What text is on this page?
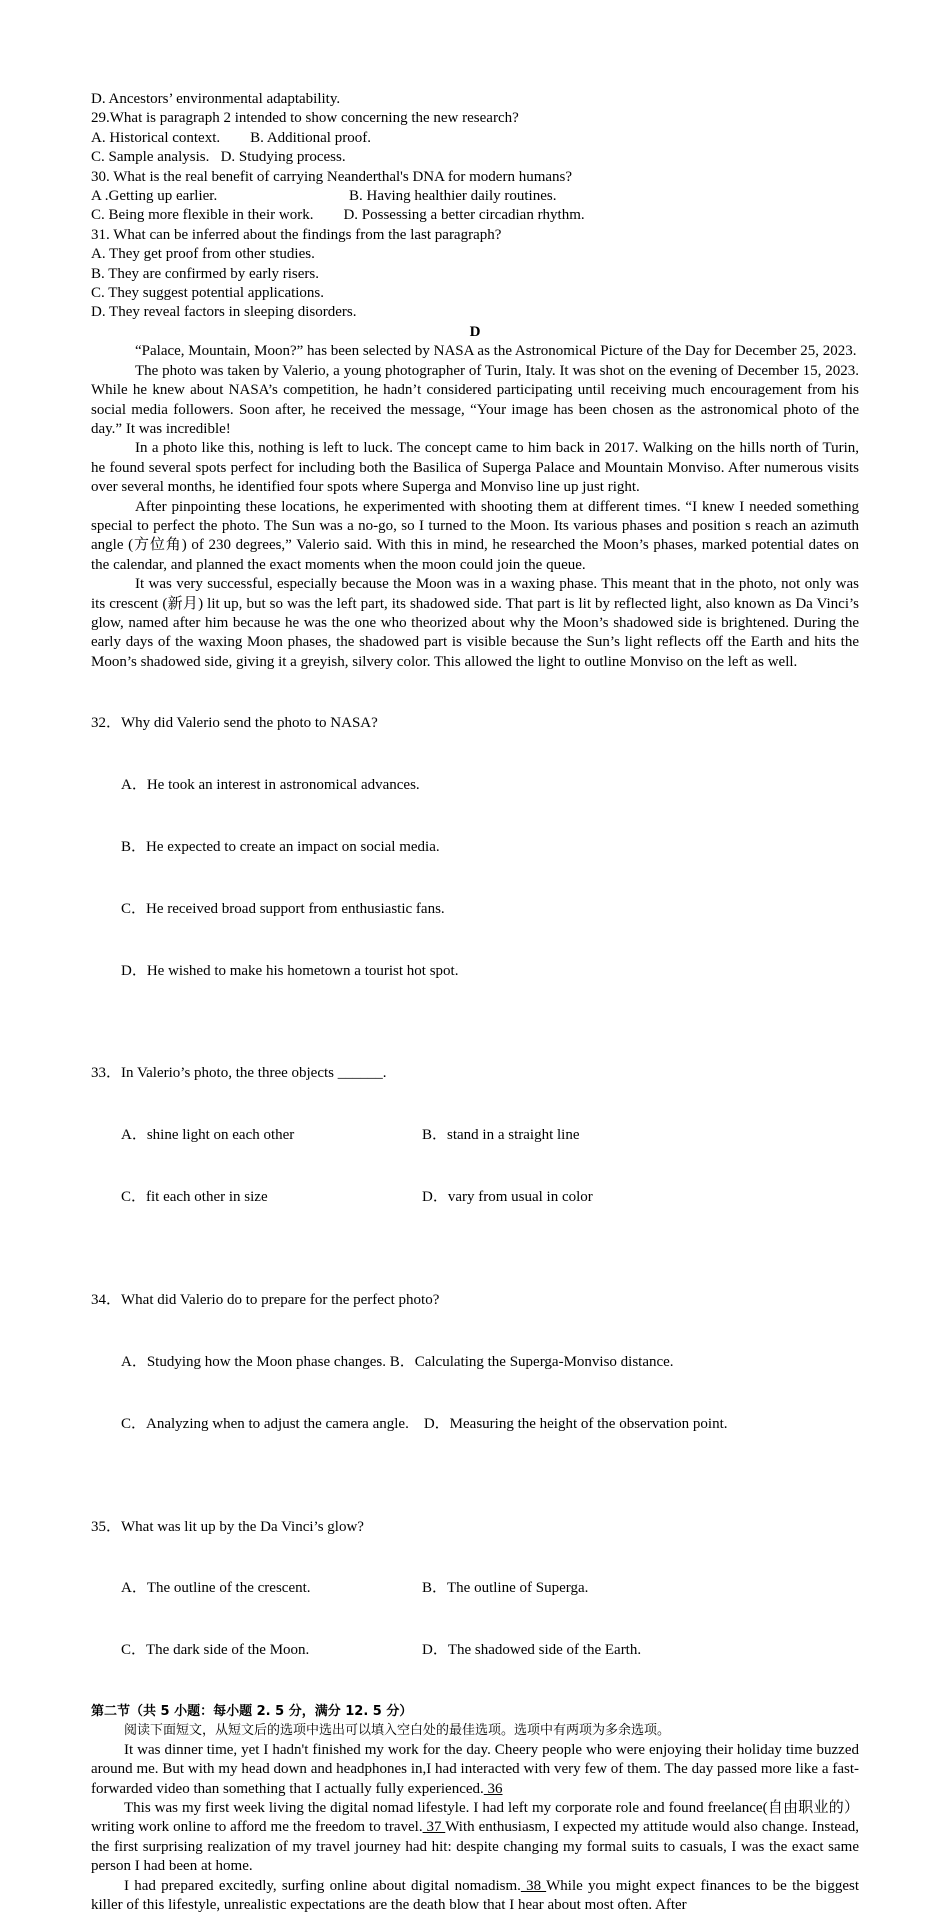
D. Ancestors’ environmental adaptability.
29.What is paragraph 2 intended to show concerning the new research?
A. Historical context. B. Additional proof.
C. Sample analysis. D. Studying process.
30. What is the real benefit of carrying Neanderthal's DNA for modern humans?
A .Getting up earlier.	B. Having healthier daily routines.
C. Being more flexible in their work. D. Possessing a better circadian rhythm.
31. What can be inferred about the findings from the last paragraph?
A. They get proof from other studies.
B. They are confirmed by early risers.
C. They suggest potential applications.
D. They reveal factors in sleeping disorders.
D

“Palace, Mountain, Moon?” has been selected by NASA as the Astronomical Picture of the Day for December 25, 2023.

The photo was taken by Valerio, a young photographer of Turin, Italy. It was shot on the evening of December 15, 2023. While he knew about NASA’s competition, he hadn’t considered participating until receiving much encouragement from his social media followers. Soon after, he received the message, “Your image has been chosen as the astronomical photo of the day.” It was incredible!

In a photo like this, nothing is left to luck. The concept came to him back in 2017. Walking on the hills north of Turin, he found several spots perfect for including both the Basilica of Superga Palace and Mountain Monviso. After numerous visits over several months, he identified four spots where Superga and Monviso line up just right.

After pinpointing these locations, he experimented with shooting them at different times. “I knew I needed something special to perfect the photo. The Sun was a no-go, so I turned to the Moon. Its various phases and position s reach an azimuth angle (方位角) of 230 degrees,” Valerio said. With this in mind, he researched the Moon’s phases, marked potential dates on the calendar, and planned the exact moments when the moon could join the queue.

It was very successful, especially because the Moon was in a waxing phase. This meant that in the photo, not only was its crescent (新月) lit up, but so was the left part, its shadowed side. That part is lit by reflected light, also known as Da Vinci’s glow, named after him because he was the one who theorized about why the Moon’s shadowed side is brightened. During the early days of the waxing Moon phases, the shadowed part is visible because the Sun’s light reflects off the Earth and hits the Moon’s shadowed side, giving it a greyish, silvery color. This allowed the light to outline Monviso on the left as well.

32．Why did Valerio send the photo to NASA?

A．He took an interest in astronomical advances.

B．He expected to create an impact on social media.

C．He received broad support from enthusiastic fans.

D．He wished to make his hometown a tourist hot spot.

33．In Valerio’s photo, the three objects ______.

A．shine light on each other	B．stand in a straight line

C．fit each other in size	D．vary from usual in color

34．What did Valerio do to prepare for the perfect photo?

A．Studying how the Moon phase changes. B．Calculating the Superga-Monviso distance.

C．Analyzing when to adjust the camera angle. D．Measuring the height of the observation point.

35．What was lit up by the Da Vinci’s glow?

A．The outline of the crescent.	B．The outline of Superga.

C．The dark side of the Moon.	D．The shadowed side of the Earth.

第二节（共 5 小题：每小题 2. 5 分，满分 12. 5 分）
阅读下面短文，从短文后的选项中选出可以填入空白处的最佳选项。选项中有两项为多余选项。

It was dinner time, yet I hadn't finished my work for the day. Cheery people who were enjoying their holiday time buzzed around me. But with my head down and headphones in,I had interacted with very few of them. The day passed more like a fast-forwarded video than something that I actually fully experienced. 36

This was my first week living the digital nomad lifestyle. I had left my corporate role and found freelance(自由职业的）writing work online to afford me the freedom to travel. 37 With enthusiasm, I expected my attitude would also change. Instead, the first surprising realization of my travel journey had hit: despite changing my formal suits to casuals, I was the exact same person I had been at home.

I had prepared excitedly, surfing online about digital nomadism. 38 While you might expect finances to be the biggest killer of this lifestyle, unrealistic expectations are the death blow that I hear about most often. After
